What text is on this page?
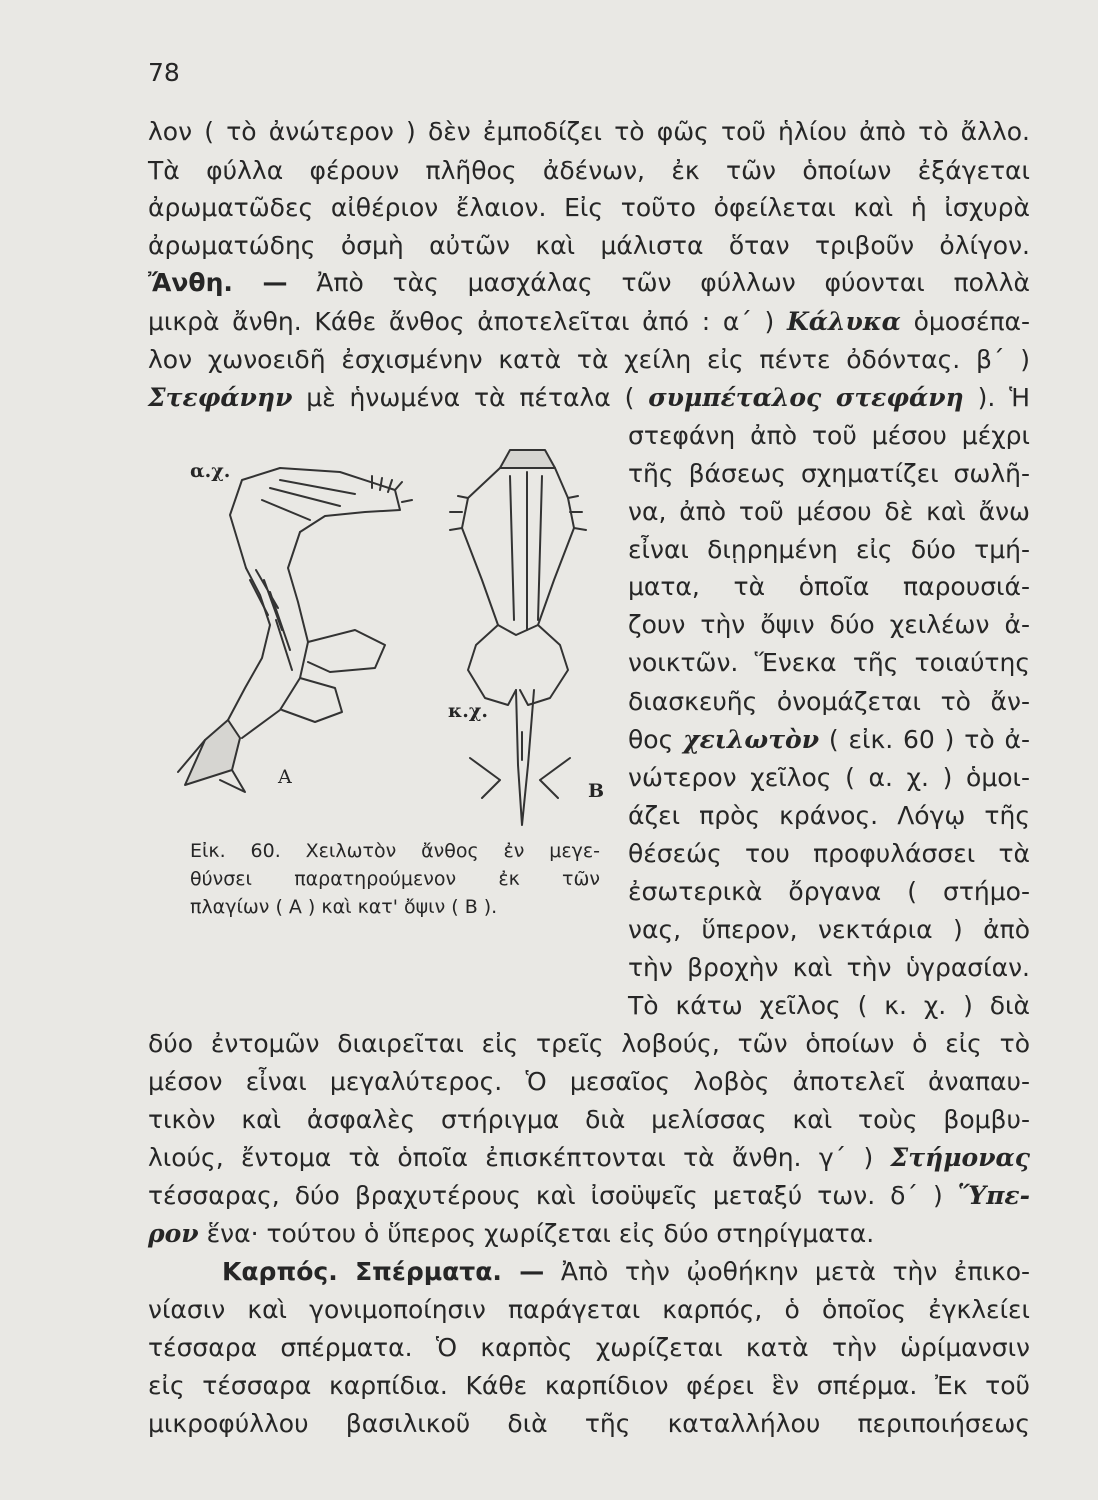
78
λον ( τὸ ἀνώτερον ) δὲν ἐμποδίζει τὸ φῶς τοῦ ἡλίου ἀπὸ τὸ ἄλλο.
Τὰ φύλλα φέρουν πλῆθος ἀδένων, ἐκ τῶν ὁποίων ἐξάγεται
ἀρωματῶδες αἰθέριον ἔλαιον. Εἰς τοῦτο ὀφείλεται καὶ ἡ ἰσχυρὰ
ἀρωματώδης ὀσμὴ αὐτῶν καὶ μάλιστα ὅταν τριβοῦν ὀλίγον.
Ἄνθη. — Ἀπὸ τὰς μασχάλας τῶν φύλλων φύονται πολλὰ
μικρὰ ἄνθη. Κάθε ἄνθος ἀποτελεῖται ἀπό : α΄ ) Κάλυκα ὁμοσέπα-
λον χωνοειδῆ ἐσχισμένην κατὰ τὰ χείλη εἰς πέντε ὀδόντας. β΄ )
Στεφάνην μὲ ἡνωμένα τὰ πέταλα ( συμπέταλος στεφάνη ). Ἡ
στεφάνη ἀπὸ τοῦ μέσου μέχρι
τῆς βάσεως σχηματίζει σωλῆ-
να, ἀπὸ τοῦ μέσου δὲ καὶ ἄνω
εἶναι διῃρημένη εἰς δύο τμή-
ματα, τὰ ὁποῖα παρουσιά-
ζουν τὴν ὄψιν δύο χειλέων ἀ-
νοικτῶν. Ἕνεκα τῆς τοιαύτης
διασκευῆς ὀνομάζεται τὸ ἄν-
θος χειλωτὸν ( εἰκ. 60 ) τὸ ἀ-
νώτερον χεῖλος ( α. χ. ) ὁμοι-
άζει πρὸς κράνος. Λόγῳ τῆς
θέσεώς του προφυλάσσει τὰ
ἐσωτερικὰ ὄργανα ( στήμο-
νας, ὕπερον, νεκτάρια ) ἀπὸ
τὴν βροχὴν καὶ τὴν ὑγρασίαν.
Τὸ κάτω χεῖλος ( κ. χ. ) διὰ
δύο ἐντομῶν διαιρεῖται εἰς τρεῖς λοβούς, τῶν ὁποίων ὁ εἰς τὸ
μέσον εἶναι μεγαλύτερος. Ὁ μεσαῖος λοβὸς ἀποτελεῖ ἀναπαυ-
τικὸν καὶ ἀσφαλὲς στήριγμα διὰ μελίσσας καὶ τοὺς βομβυ-
λιούς, ἔντομα τὰ ὁποῖα ἐπισκέπτονται τὰ ἄνθη. γ΄ ) Στήμονας
τέσσαρας, δύο βραχυτέρους καὶ ἰσοϋψεῖς μεταξύ των. δ΄ ) Ὕπε-
ρον ἕνα· τούτου ὁ ὕπερος χωρίζεται εἰς δύο στηρίγματα.
Καρπός. Σπέρματα. — Ἀπὸ τὴν ᾠοθήκην μετὰ τὴν ἐπικο-
νίασιν καὶ γονιμοποίησιν παράγεται καρπός, ὁ ὁποῖος ἐγκλείει
τέσσαρα σπέρματα. Ὁ καρπὸς χωρίζεται κατὰ τὴν ὡρίμανσιν
εἰς τέσσαρα καρπίδια. Κάθε καρπίδιον φέρει ἓν σπέρμα. Ἐκ τοῦ
μικροφύλλου βασιλικοῦ διὰ τῆς καταλλήλου περιποιήσεως
α.χ.
κ.χ.
Α
Β
Εἰκ. 60. Χειλωτὸν ἄνθος ἐν μεγε-
θύνσει παρατηρούμενον ἐκ τῶν
πλαγίων ( Α ) καὶ κατ' ὄψιν ( Β ).
